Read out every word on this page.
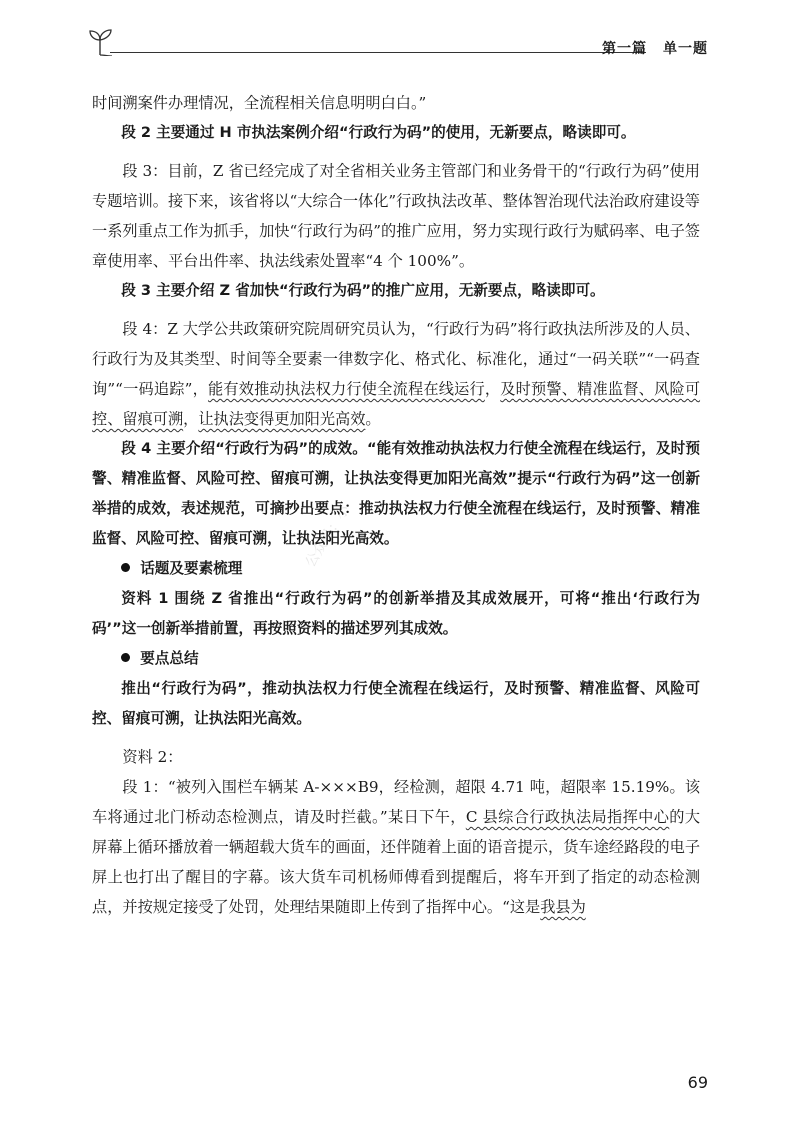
第一篇 单一题
公众号：小

时间溯案件办理情况，全流程相关信息明明白白。”

段 2 主要通过 H 市执法案例介绍“行政行为码”的使用，无新要点，略读即可。

段 3：目前，Z 省已经完成了对全省相关业务主管部门和业务骨干的“行政行为码”使用专题培训。接下来，该省将以“大综合一体化”行政执法改革、整体智治现代法治政府建设等一系列重点工作为抓手，加快“行政行为码”的推广应用，努力实现行政行为赋码率、电子签章使用率、平台出件率、执法线索处置率“4 个 100%”。

段 3 主要介绍 Z 省加快“行政行为码”的推广应用，无新要点，略读即可。

段 4：Z 大学公共政策研究院周研究员认为，“行政行为码”将行政执法所涉及的人员、行政行为及其类型、时间等全要素一律数字化、格式化、标准化，通过“一码关联”“一码查询”“一码追踪”，能有效推动执法权力行使全流程在线运行，及时预警、精准监督、风险可控、留痕可溯，让执法变得更加阳光高效。

段 4 主要介绍“行政行为码”的成效。“能有效推动执法权力行使全流程在线运行，及时预警、精准监督、风险可控、留痕可溯，让执法变得更加阳光高效”提示“行政行为码”这一创新举措的成效，表述规范，可摘抄出要点：推动执法权力行使全流程在线运行，及时预警、精准监督、风险可控、留痕可溯，让执法阳光高效。

话题及要素梳理

资料 1 围绕 Z 省推出“行政行为码”的创新举措及其成效展开，可将“推出‘行政行为码’”这一创新举措前置，再按照资料的描述罗列其成效。

要点总结

推出“行政行为码”，推动执法权力行使全流程在线运行，及时预警、精准监督、风险可控、留痕可溯，让执法阳光高效。

资料 2：

段 1：“被列入围栏车辆某 A-×××B9，经检测，超限 4.71 吨，超限率 15.19%。该车将通过北门桥动态检测点，请及时拦截。”某日下午，C 县综合行政执法局指挥中心的大屏幕上循环播放着一辆超载大货车的画面，还伴随着上面的语音提示，货车途经路段的电子屏上也打出了醒目的字幕。该大货车司机杨师傅看到提醒后，将车开到了指定的动态检测点，并按规定接受了处罚，处理结果随即上传到了指挥中心。“这是我县为

69
